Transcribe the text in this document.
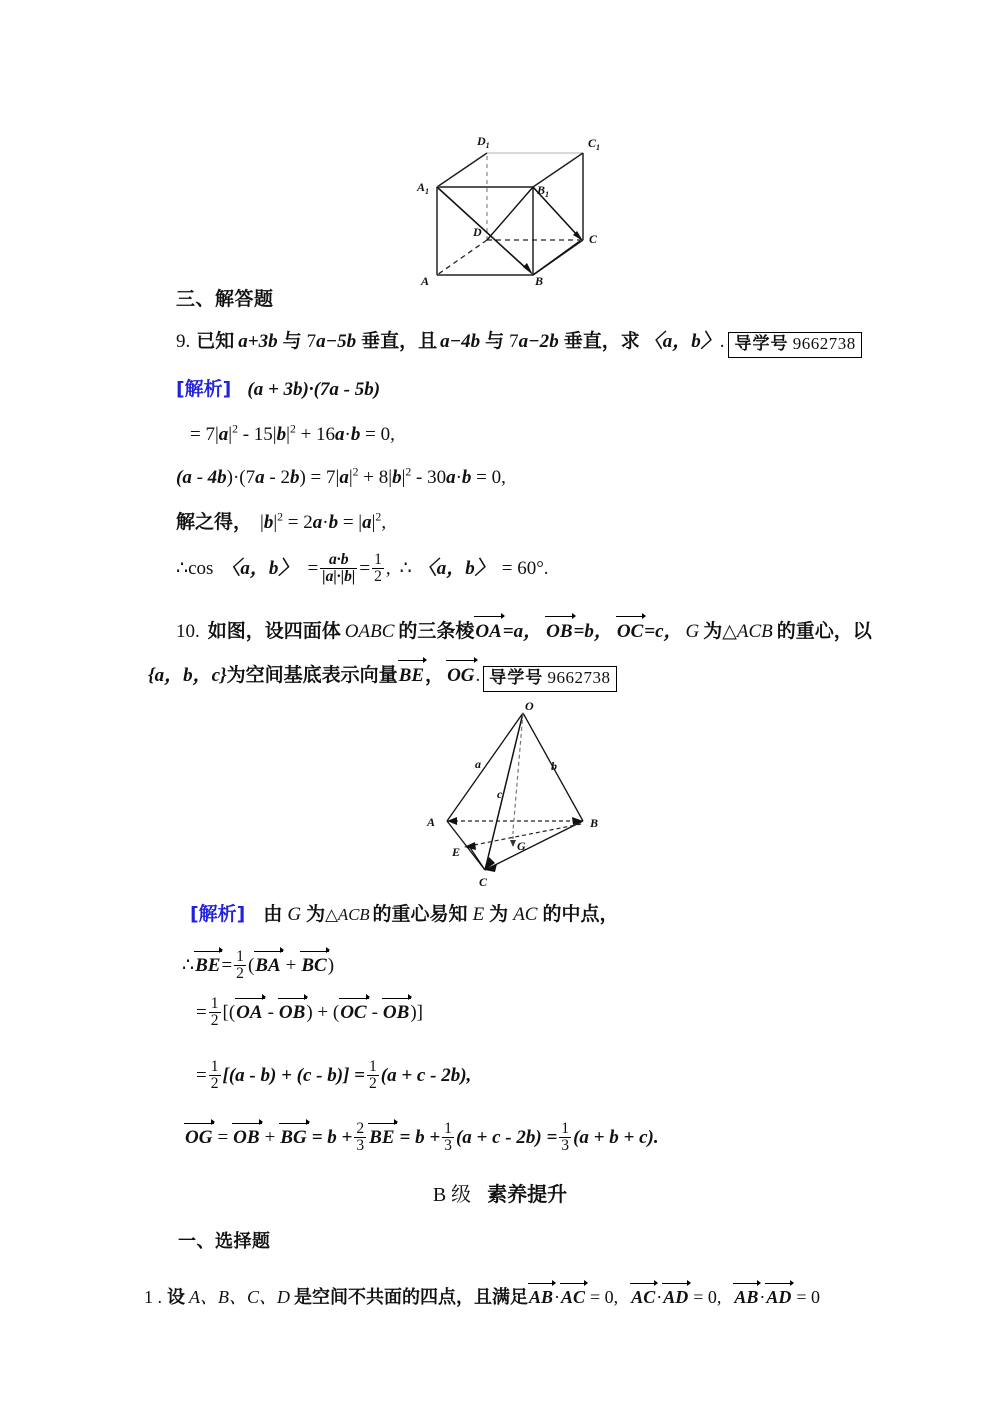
$D_1$	$C_1$
$A_1$	$B_1$
D	C
A	B
三、解答题
9. 已知 a+3b 与 7a−5b 垂直，且 a−4b 与 7a−2b 垂直，求 〈a，b〉. 导学号 9662738
[解析] (a + 3b)·(7a - 5b)
= $7|a|^2 - 15|b|^2 + 16a\cdot b = 0$,
$(a - 4b)\cdot(7a - 2b) = 7|a|^2 + 8|b|^2 - 30a\cdot b = 0$,
解之得， $|b|^2 = 2a\cdot b = |a|^2$,
∴cos 〈a，b〉 = $\frac{a\cdot b}{|a|\cdot|b|} = \frac{1}{2}$ , ∴ 〈a，b〉 = 60°.
10. 如图，设四面体 OABC 的三条棱OA=a， OB=b， OC=c， G 为△ACB 的重心，以
{a，b，c}为空间基底表示向量BE， OG. 导学号 9662738
O
A	B
C
E	G
a	b
c
[解析] 由 G 为△ACB 的重心易知 E 为 AC 的中点，
∴BE= $\frac{1}{2} (BA + BC)$
= $\frac{1}{2} [(OA - OB) + (OC - OB)]$
= $\frac{1}{2} [(a - b) + (c - b)] = \frac{1}{2} (a + c - 2b)$,
OG = OB + BG = $b + \frac{2}{3}$ BE = $b + \frac{1}{3} (a + c - 2b) = \frac{1}{3} (a + b + c)$.
B 级 素养提升
一、选择题
1 . 设 A、B、C、D 是空间不共面的四点，且满足AB·AC = 0, AC·AD = 0, AB·AD = 0
